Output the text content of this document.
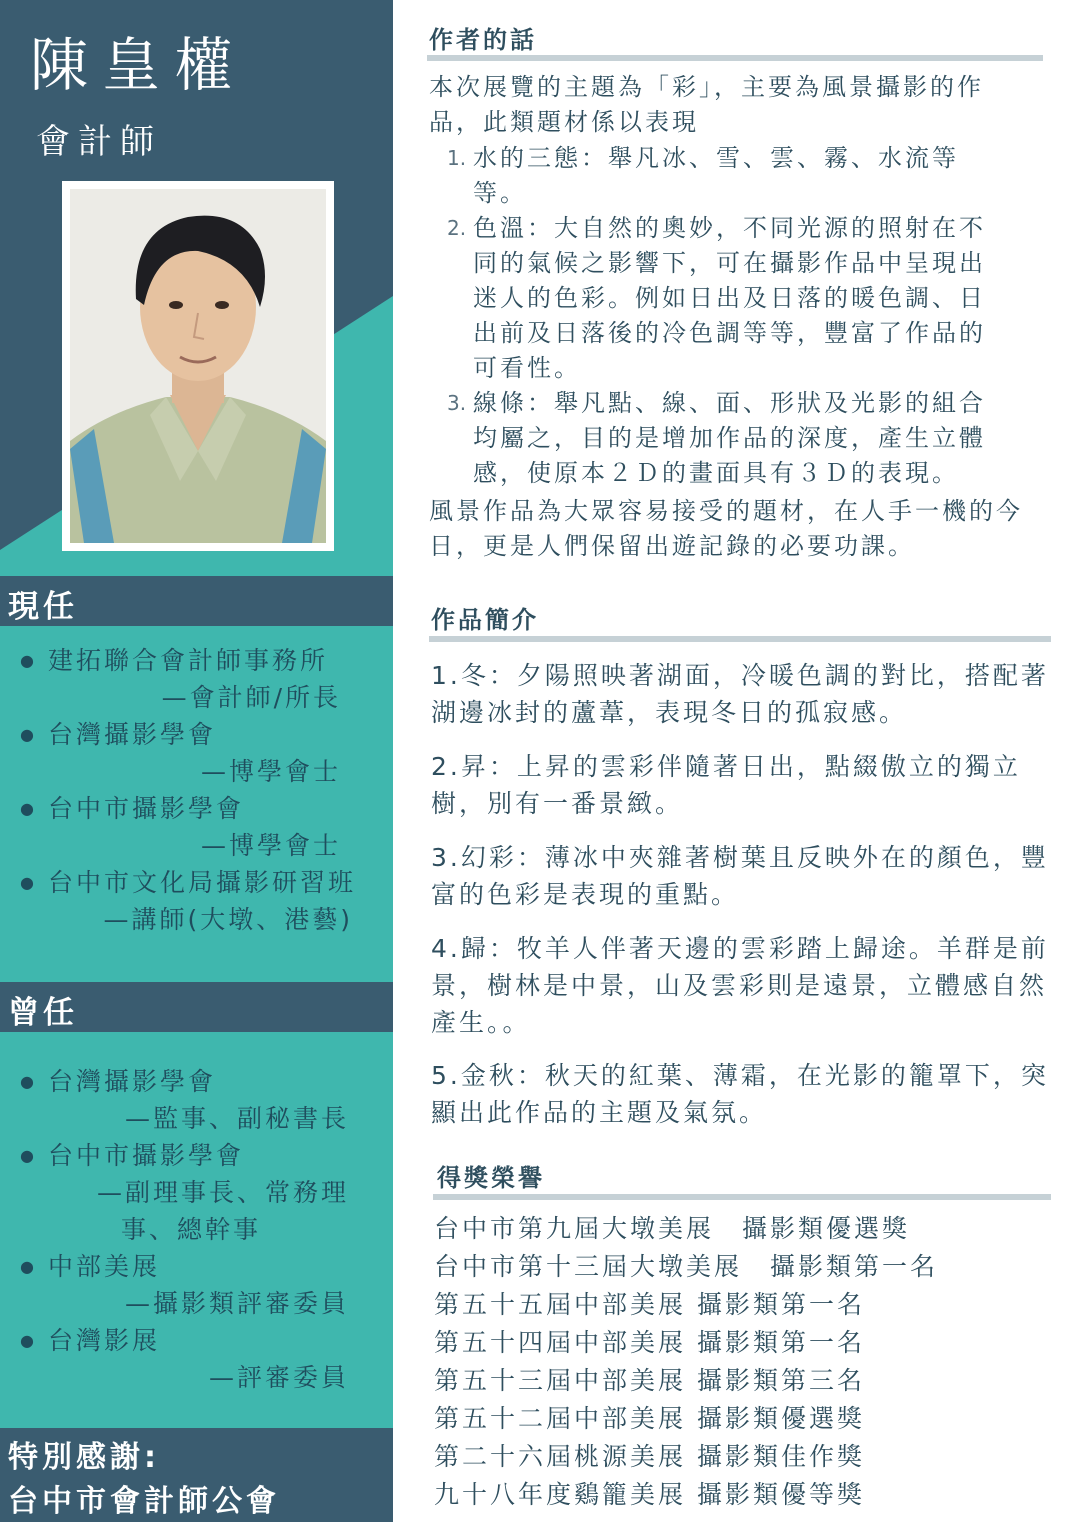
陳皇權
會計師
現任
● 建拓聯合會計師事務所
—會計師/所長
● 台灣攝影學會
—博學會士
● 台中市攝影學會
—博學會士
● 台中市文化局攝影研習班
—講師(大墩、港藝)
曾任
● 台灣攝影學會
—監事、副秘書長
● 台中市攝影學會
—副理事長、常務理
事、總幹事
● 中部美展
—攝影類評審委員
● 台灣影展
—評審委員
特別感謝:
台中市會計師公會
作者的話
本次展覽的主題為「彩」，主要為風景攝影的作品，此類題材係以表現
1. 水的三態：舉凡冰、雪、雲、霧、水流等等。
2. 色溫：大自然的奧妙，不同光源的照射在不同的氣候之影響下，可在攝影作品中呈現出迷人的色彩。例如日出及日落的暖色調、日出前及日落後的冷色調等等，豐富了作品的可看性。
3. 線條：舉凡點、線、面、形狀及光影的組合均屬之，目的是增加作品的深度，產生立體感，使原本２Ｄ的畫面具有３Ｄ的表現。
風景作品為大眾容易接受的題材，在人手一機的今日，更是人們保留出遊記錄的必要功課。
作品簡介

1.冬：夕陽照映著湖面，冷暖色調的對比，搭配著湖邊冰封的蘆葦，表現冬日的孤寂感。

2.昇：上昇的雲彩伴隨著日出，點綴傲立的獨立樹，別有一番景緻。

3.幻彩：薄冰中夾雜著樹葉且反映外在的顏色，豐富的色彩是表現的重點。

4.歸：牧羊人伴著天邊的雲彩踏上歸途。羊群是前景，樹林是中景，山及雲彩則是遠景，立體感自然產生。。

5.金秋：秋天的紅葉、薄霜，在光影的籠罩下，突顯出此作品的主題及氣氛。

得獎榮譽
台中市第九屆大墩美展　攝影類優選獎
台中市第十三屆大墩美展　攝影類第一名
第五十五屆中部美展 攝影類第一名
第五十四屆中部美展 攝影類第一名
第五十三屆中部美展 攝影類第三名
第五十二屆中部美展 攝影類優選獎
第二十六屆桃源美展 攝影類佳作獎
九十八年度鷄籠美展 攝影類優等獎
